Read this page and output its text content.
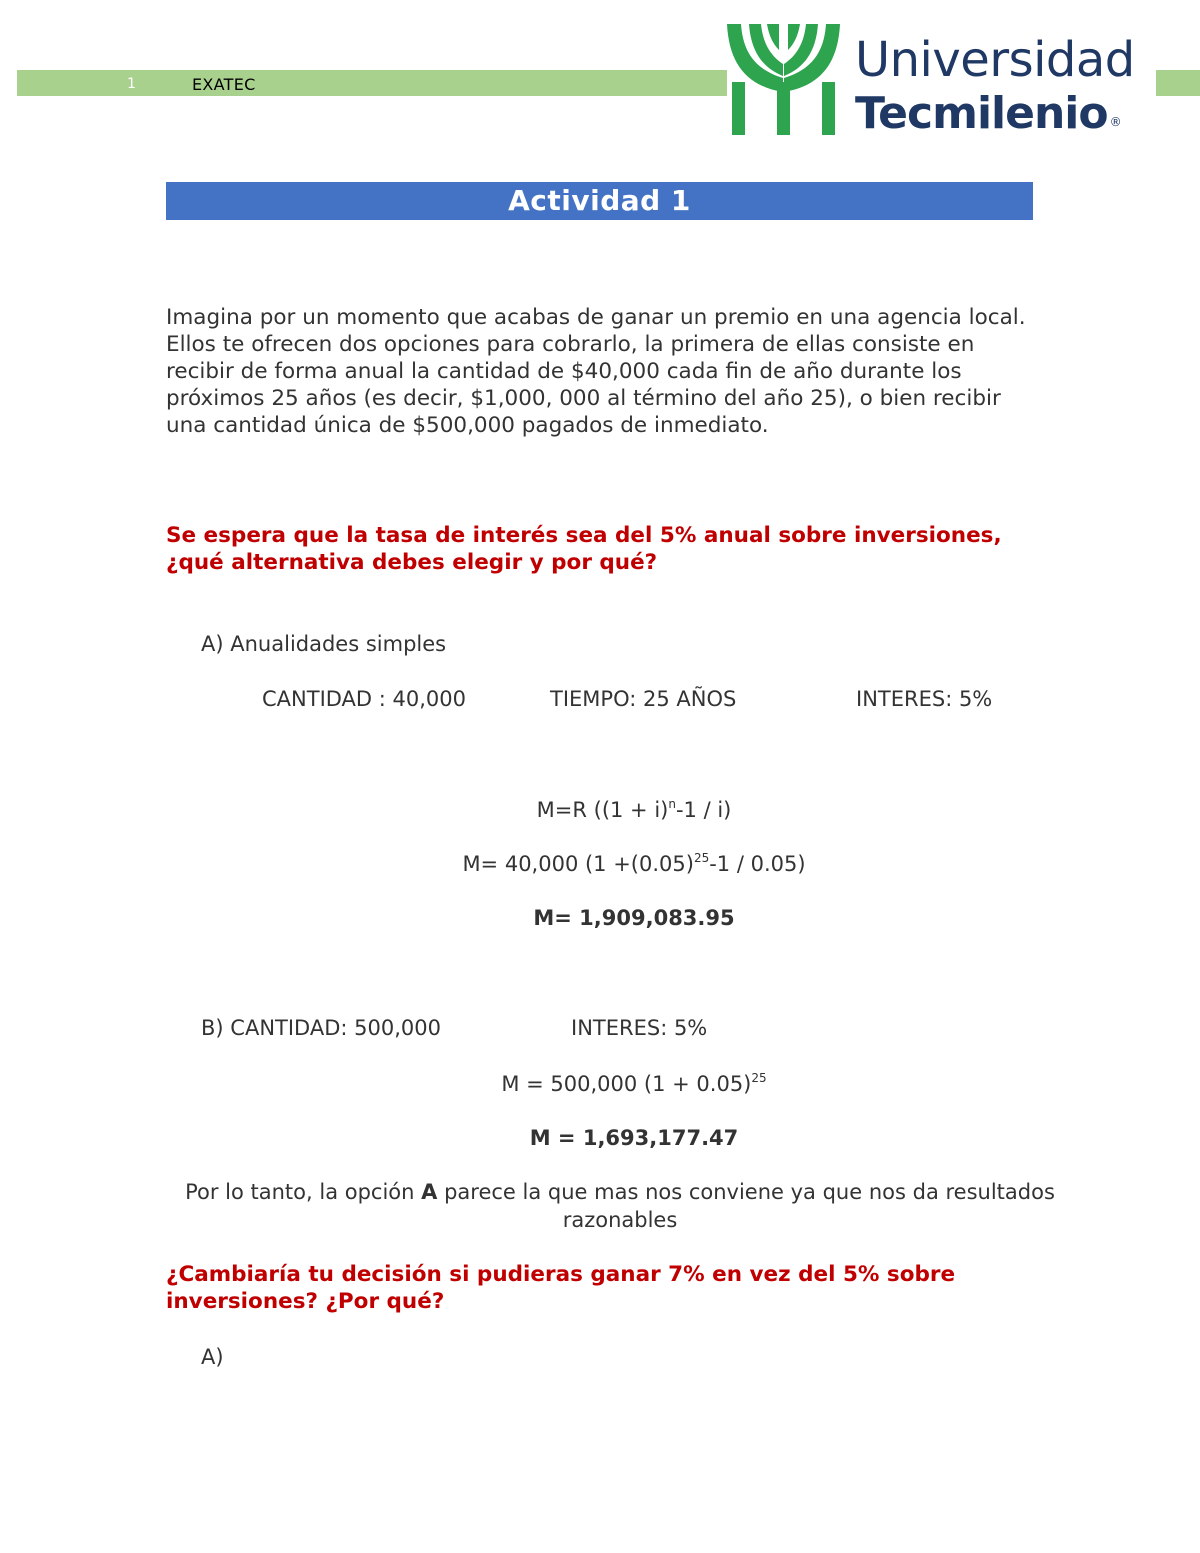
1	EXATEC	Universidad
Tecmilenio ®
Actividad 1
Imagina por un momento que acabas de ganar un premio en una agencia local. Ellos te ofrecen dos opciones para cobrarlo, la primera de ellas consiste en recibir de forma anual la cantidad de $40,000 cada fin de año durante los próximos 25 años (es decir, $1,000, 000 al término del año 25), o bien recibir una cantidad única de $500,000 pagados de inmediato.
Se espera que la tasa de interés sea del 5% anual sobre inversiones, ¿qué alternativa debes elegir y por qué?
A) Anualidades simples
CANTIDAD : 40,000	TIEMPO: 25 AÑOS	INTERES: 5%
M=R $((1 + i)^n-1 / i)$
M= 40,000 $(1 +(0.05)^{25}-1 / 0.05)$
M= 1,909,083.95
B) CANTIDAD: 500,000	INTERES: 5%
M = 500,000 $(1 + 0.05)^{25}$
M = 1,693,177.47
Por lo tanto, la opción A parece la que mas nos conviene ya que nos da resultados razonables
¿Cambiaría tu decisión si pudieras ganar 7% en vez del 5% sobre inversiones? ¿Por qué?
A)
